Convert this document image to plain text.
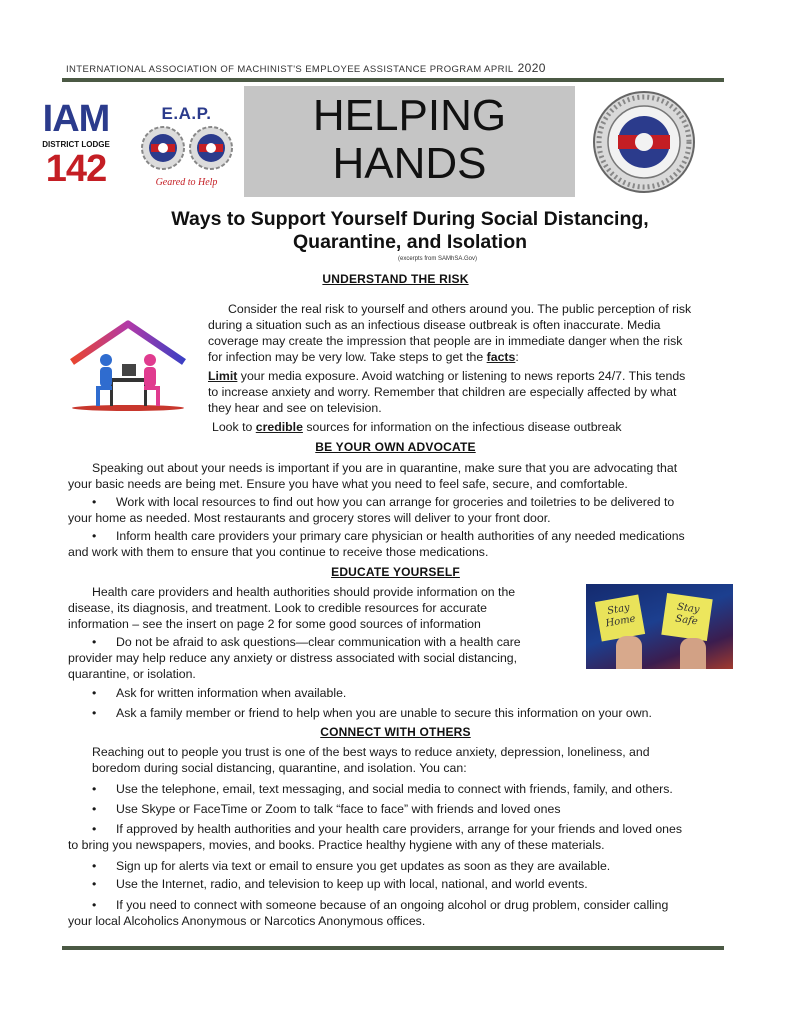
INTERNATIONAL ASSOCIATION OF MACHINIST'S EMPLOYEE ASSISTANCE PROGRAM APRIL 2020
IAM
DISTRICT LODGE
142
E.A.P.
Geared to Help
HELPING
HANDS
Ways to Support Yourself During Social Distancing,
Quarantine, and Isolation
(excerpts from SAMhSA.Gov)
UNDERSTAND THE RISK
Consider the real risk to yourself and others around you. The public perception of risk
during a situation such as an infectious disease outbreak is often inaccurate. Media
coverage may create the impression that people are in immediate danger when the risk
for infection may be very low. Take steps to get the facts:
Limit your media exposure. Avoid watching or listening to news reports 24/7. This tends
to increase anxiety and worry. Remember that children are especially affected by what
they hear and see on television.
Look to credible sources for information on the infectious disease outbreak
BE YOUR OWN ADVOCATE
Speaking out about your needs is important if you are in quarantine, make sure that you are advocating that
your basic needs are being met. Ensure you have what you need to feel safe, secure, and comfortable.
• Work with local resources to find out how you can arrange for groceries and toiletries to be delivered to
your home as needed. Most restaurants and grocery stores will deliver to your front door.
• Inform health care providers your primary care physician or health authorities of any needed medications
and work with them to ensure that you continue to receive those medications.
EDUCATE YOURSELF
Health care providers and health authorities should provide information on the
disease, its diagnosis, and treatment. Look to credible resources for accurate
information – see the insert on page 2 for some good sources of information
Stay
Home
Stay
Safe
• Do not be afraid to ask questions—clear communication with a health care
provider may help reduce any anxiety or distress associated with social distancing,
quarantine, or isolation.
• Ask for written information when available.
• Ask a family member or friend to help when you are unable to secure this information on your own.
CONNECT WITH OTHERS
Reaching out to people you trust is one of the best ways to reduce anxiety, depression, loneliness, and
boredom during social distancing, quarantine, and isolation. You can:
• Use the telephone, email, text messaging, and social media to connect with friends, family, and others.
• Use Skype or FaceTime or Zoom to talk “face to face” with friends and loved ones
• If approved by health authorities and your health care providers, arrange for your friends and loved ones
to bring you newspapers, movies, and books. Practice healthy hygiene with any of these materials.
• Sign up for alerts via text or email to ensure you get updates as soon as they are available.
• Use the Internet, radio, and television to keep up with local, national, and world events.
• If you need to connect with someone because of an ongoing alcohol or drug problem, consider calling
your local Alcoholics Anonymous or Narcotics Anonymous offices.
